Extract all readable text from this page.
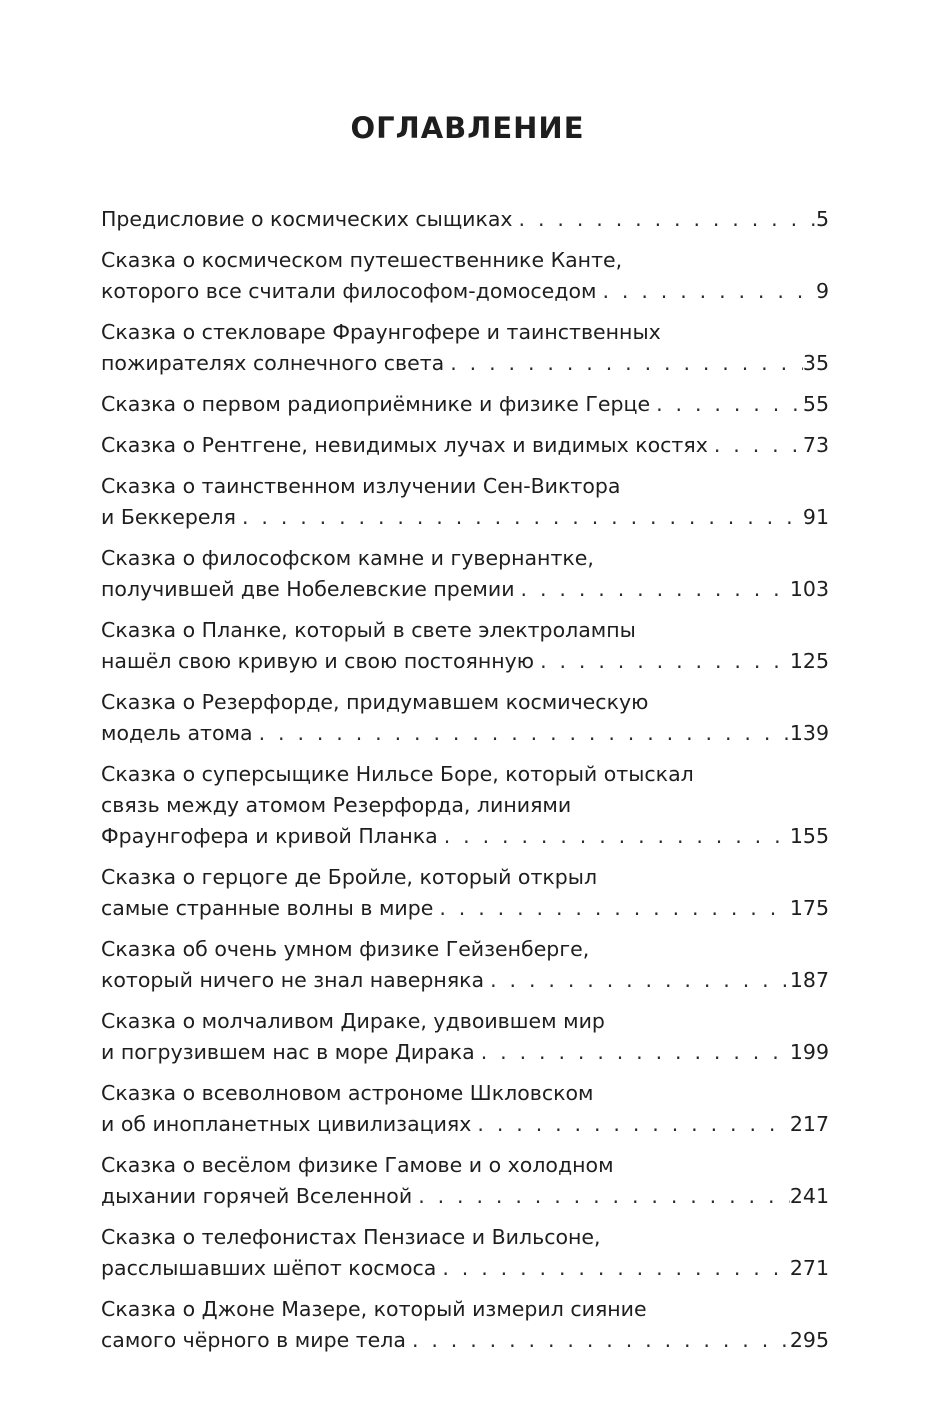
ОГЛАВЛЕНИЕ
Предисловие о космических сыщиках . . .	5
Сказка о космическом путешественнике Канте,
которого все считали философом-домоседом . . .	9
Сказка о стекловаре Фраунгофере и таинственных
пожирателях солнечного света . . .	35
Сказка о первом радиоприёмнике и физике Герце . . .	55
Сказка о Рентгене, невидимых лучах и видимых костях . . .	73
Сказка о таинственном излучении Сен-Виктора
и Беккереля . . .	91
Сказка о философском камне и гувернантке,
получившей две Нобелевские премии . . .	103
Сказка о Планке, который в свете электролампы
нашёл свою кривую и свою постоянную . . .	125
Сказка о Резерфорде, придумавшем космическую
модель атома . . .	139
Сказка о суперсыщике Нильсе Боре, который отыскал
связь между атомом Резерфорда, линиями
Фраунгофера и кривой Планка . . .	155
Сказка о герцоге де Бройле, который открыл
самые странные волны в мире . . .	175
Сказка об очень умном физике Гейзенберге,
который ничего не знал наверняка . . .	187
Сказка о молчаливом Дираке, удвоившем мир
и погрузившем нас в море Дирака . . .	199
Сказка о всеволновом астрономе Шкловском
и об инопланетных цивилизациях . . .	217
Сказка о весёлом физике Гамове и о холодном
дыхании горячей Вселенной . . .	241
Сказка о телефонистах Пензиасе и Вильсоне,
расслышавших шёпот космоса . . .	271
Сказка о Джоне Мазере, который измерил сияние
самого чёрного в мире тела . . .	295
